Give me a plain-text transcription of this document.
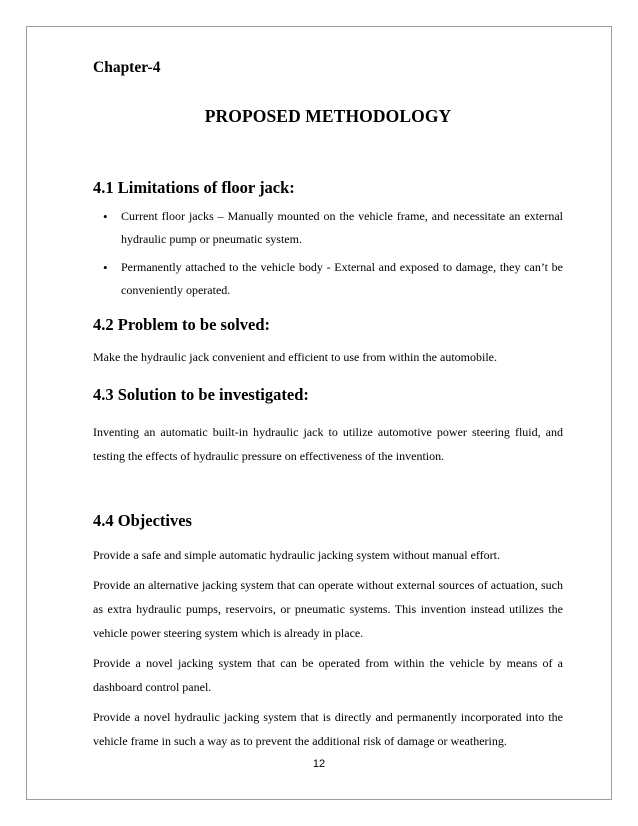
Chapter-4
PROPOSED METHODOLOGY
4.1 Limitations of floor jack:
• Current floor jacks – Manually mounted on the vehicle frame, and necessitate an external hydraulic pump or pneumatic system.
• Permanently attached to the vehicle body - External and exposed to damage, they can’t be conveniently operated.
4.2 Problem to be solved:

Make the hydraulic jack convenient and efficient to use from within the automobile.

4.3 Solution to be investigated:

Inventing an automatic built-in hydraulic jack to utilize automotive power steering fluid, and testing the effects of hydraulic pressure on effectiveness of the invention.

4.4 Objectives

Provide a safe and simple automatic hydraulic jacking system without manual effort.

Provide an alternative jacking system that can operate without external sources of actuation, such as extra hydraulic pumps, reservoirs, or pneumatic systems. This invention instead utilizes the vehicle power steering system which is already in place.

Provide a novel jacking system that can be operated from within the vehicle by means of a dashboard control panel.

Provide a novel hydraulic jacking system that is directly and permanently incorporated into the vehicle frame in such a way as to prevent the additional risk of damage or weathering.

12
